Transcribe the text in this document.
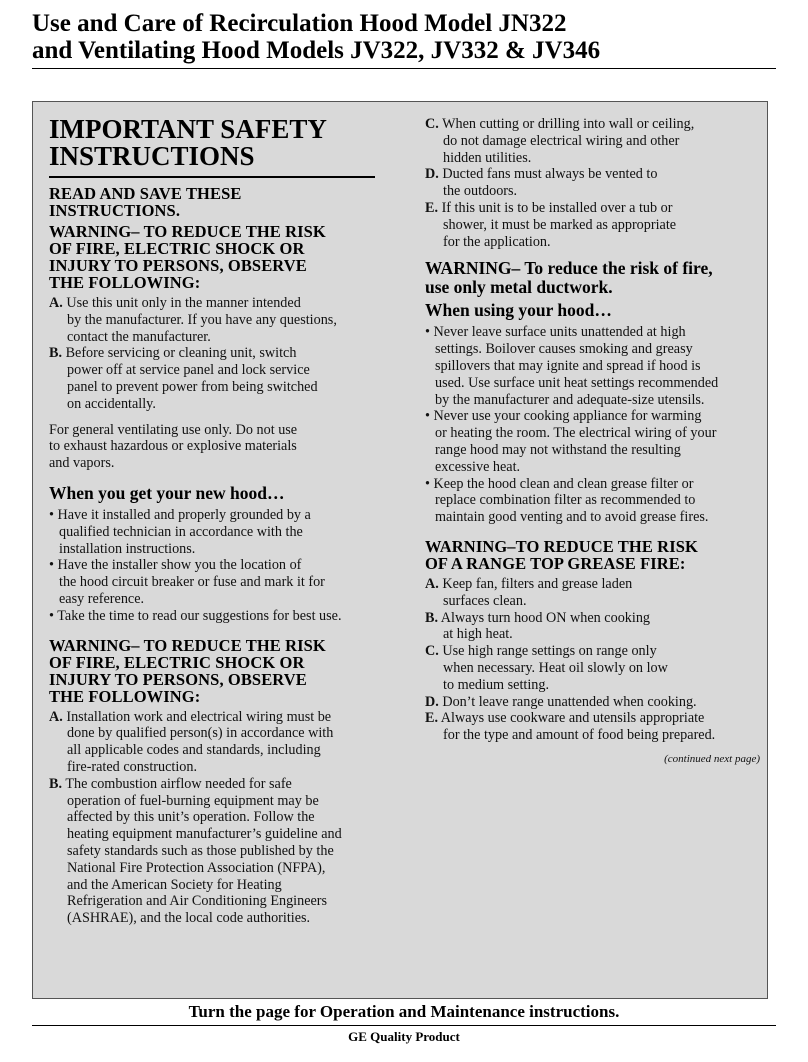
Use and Care of Recirculation Hood Model JN322
and Ventilating Hood Models JV322, JV332 & JV346
IMPORTANT SAFETY
INSTRUCTIONS
READ AND SAVE THESE
INSTRUCTIONS.
WARNING– TO REDUCE THE RISK
OF FIRE, ELECTRIC SHOCK OR
INJURY TO PERSONS, OBSERVE
THE FOLLOWING:
A. Use this unit only in the manner intended
by the manufacturer. If you have any questions,
contact the manufacturer.
B. Before servicing or cleaning unit, switch
power off at service panel and lock service
panel to prevent power from being switched
on accidentally.

For general ventilating use only. Do not use
to exhaust hazardous or explosive materials
and vapors.

When you get your new hood…
• Have it installed and properly grounded by a
qualified technician in accordance with the
installation instructions.
• Have the installer show you the location of
the hood circuit breaker or fuse and mark it for
easy reference.
• Take the time to read our suggestions for best use.
WARNING– TO REDUCE THE RISK
OF FIRE, ELECTRIC SHOCK OR
INJURY TO PERSONS, OBSERVE
THE FOLLOWING:
A. Installation work and electrical wiring must be
done by qualified person(s) in accordance with
all applicable codes and standards, including
fire-rated construction.
B. The combustion airflow needed for safe
operation of fuel-burning equipment may be
affected by this unit’s operation. Follow the
heating equipment manufacturer’s guideline and
safety standards such as those published by the
National Fire Protection Association (NFPA),
and the American Society for Heating
Refrigeration and Air Conditioning Engineers
(ASHRAE), and the local code authorities.
C. When cutting or drilling into wall or ceiling,
do not damage electrical wiring and other
hidden utilities.
D. Ducted fans must always be vented to
the outdoors.
E. If this unit is to be installed over a tub or
shower, it must be marked as appropriate
for the application.
WARNING– To reduce the risk of fire,
use only metal ductwork.
When using your hood…
• Never leave surface units unattended at high
settings. Boilover causes smoking and greasy
spillovers that may ignite and spread if hood is
used. Use surface unit heat settings recommended
by the manufacturer and adequate-size utensils.
• Never use your cooking appliance for warming
or heating the room. The electrical wiring of your
range hood may not withstand the resulting
excessive heat.
• Keep the hood clean and clean grease filter or
replace combination filter as recommended to
maintain good venting and to avoid grease fires.
WARNING–TO REDUCE THE RISK
OF A RANGE TOP GREASE FIRE:
A. Keep fan, filters and grease laden
surfaces clean.
B. Always turn hood ON when cooking
at high heat.
C. Use high range settings on range only
when necessary. Heat oil slowly on low
to medium setting.
D. Don’t leave range unattended when cooking.
E. Always use cookware and utensils appropriate
for the type and amount of food being prepared.
(continued next page)
Turn the page for Operation and Maintenance instructions.
GE Quality Product
